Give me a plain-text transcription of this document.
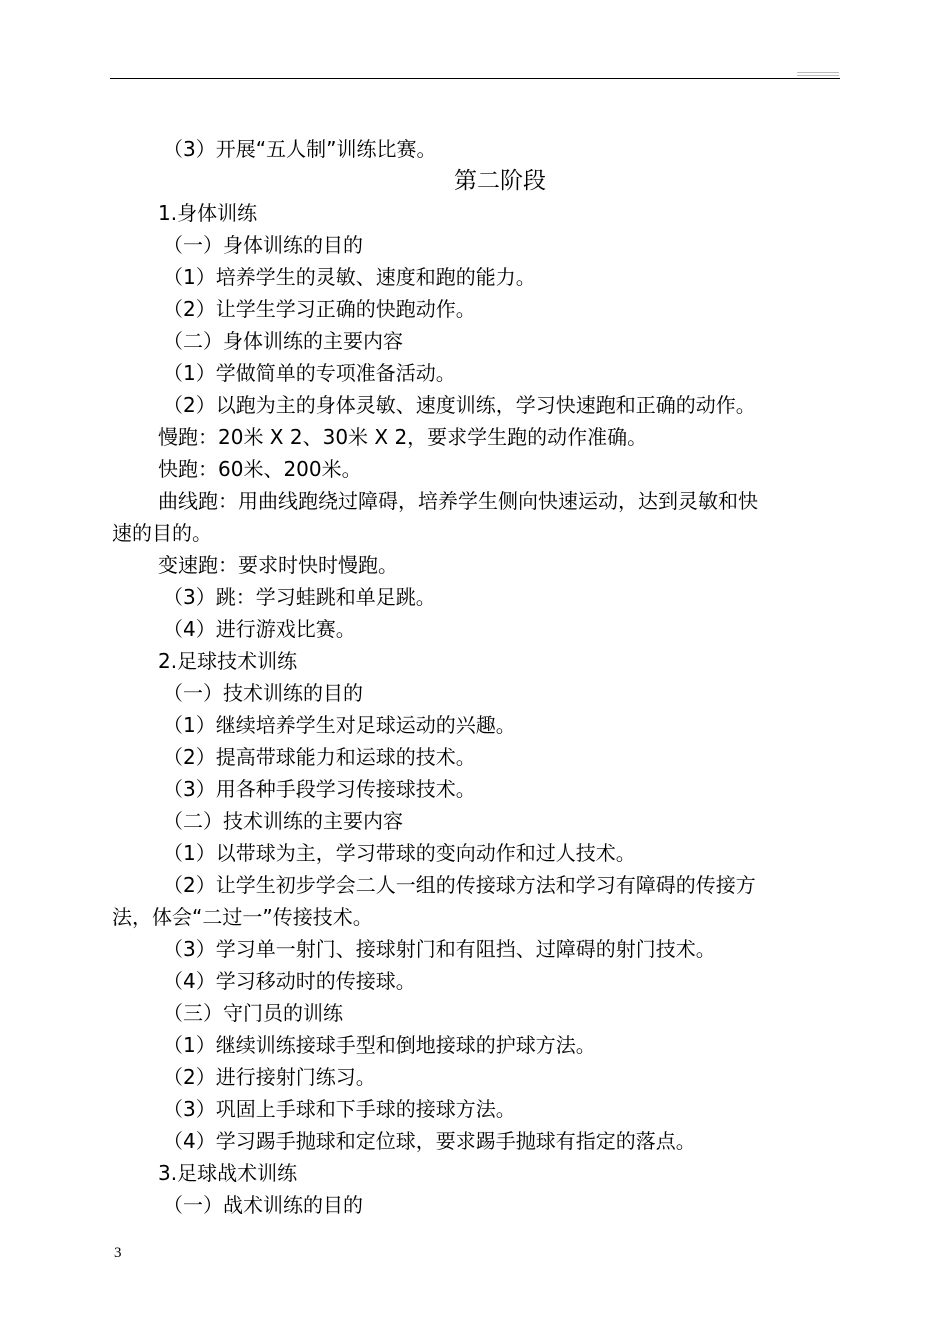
（3）开展“五人制”训练比赛。
第二阶段
1.身体训练
（一）身体训练的目的
（1）培养学生的灵敏、速度和跑的能力。
（2）让学生学习正确的快跑动作。
（二）身体训练的主要内容
（1）学做简单的专项准备活动。
（2）以跑为主的身体灵敏、速度训练，学习快速跑和正确的动作。
慢跑：20米 X 2、30米 X 2，要求学生跑的动作准确。
快跑：60米、200米。
曲线跑：用曲线跑绕过障碍，培养学生侧向快速运动，达到灵敏和快
速的目的。
变速跑：要求时快时慢跑。
（3）跳：学习蛙跳和单足跳。
（4）进行游戏比赛。
2.足球技术训练
（一）技术训练的目的
（1）继续培养学生对足球运动的兴趣。
（2）提高带球能力和运球的技术。
（3）用各种手段学习传接球技术。
（二）技术训练的主要内容
（1）以带球为主，学习带球的变向动作和过人技术。
（2）让学生初步学会二人一组的传接球方法和学习有障碍的传接方
法，体会“二过一”传接技术。
（3）学习单一射门、接球射门和有阻挡、过障碍的射门技术。
（4）学习移动时的传接球。
（三）守门员的训练
（1）继续训练接球手型和倒地接球的护球方法。
（2）进行接射门练习。
（3）巩固上手球和下手球的接球方法。
（4）学习踢手抛球和定位球，要求踢手抛球有指定的落点。
3.足球战术训练
（一）战术训练的目的
3
